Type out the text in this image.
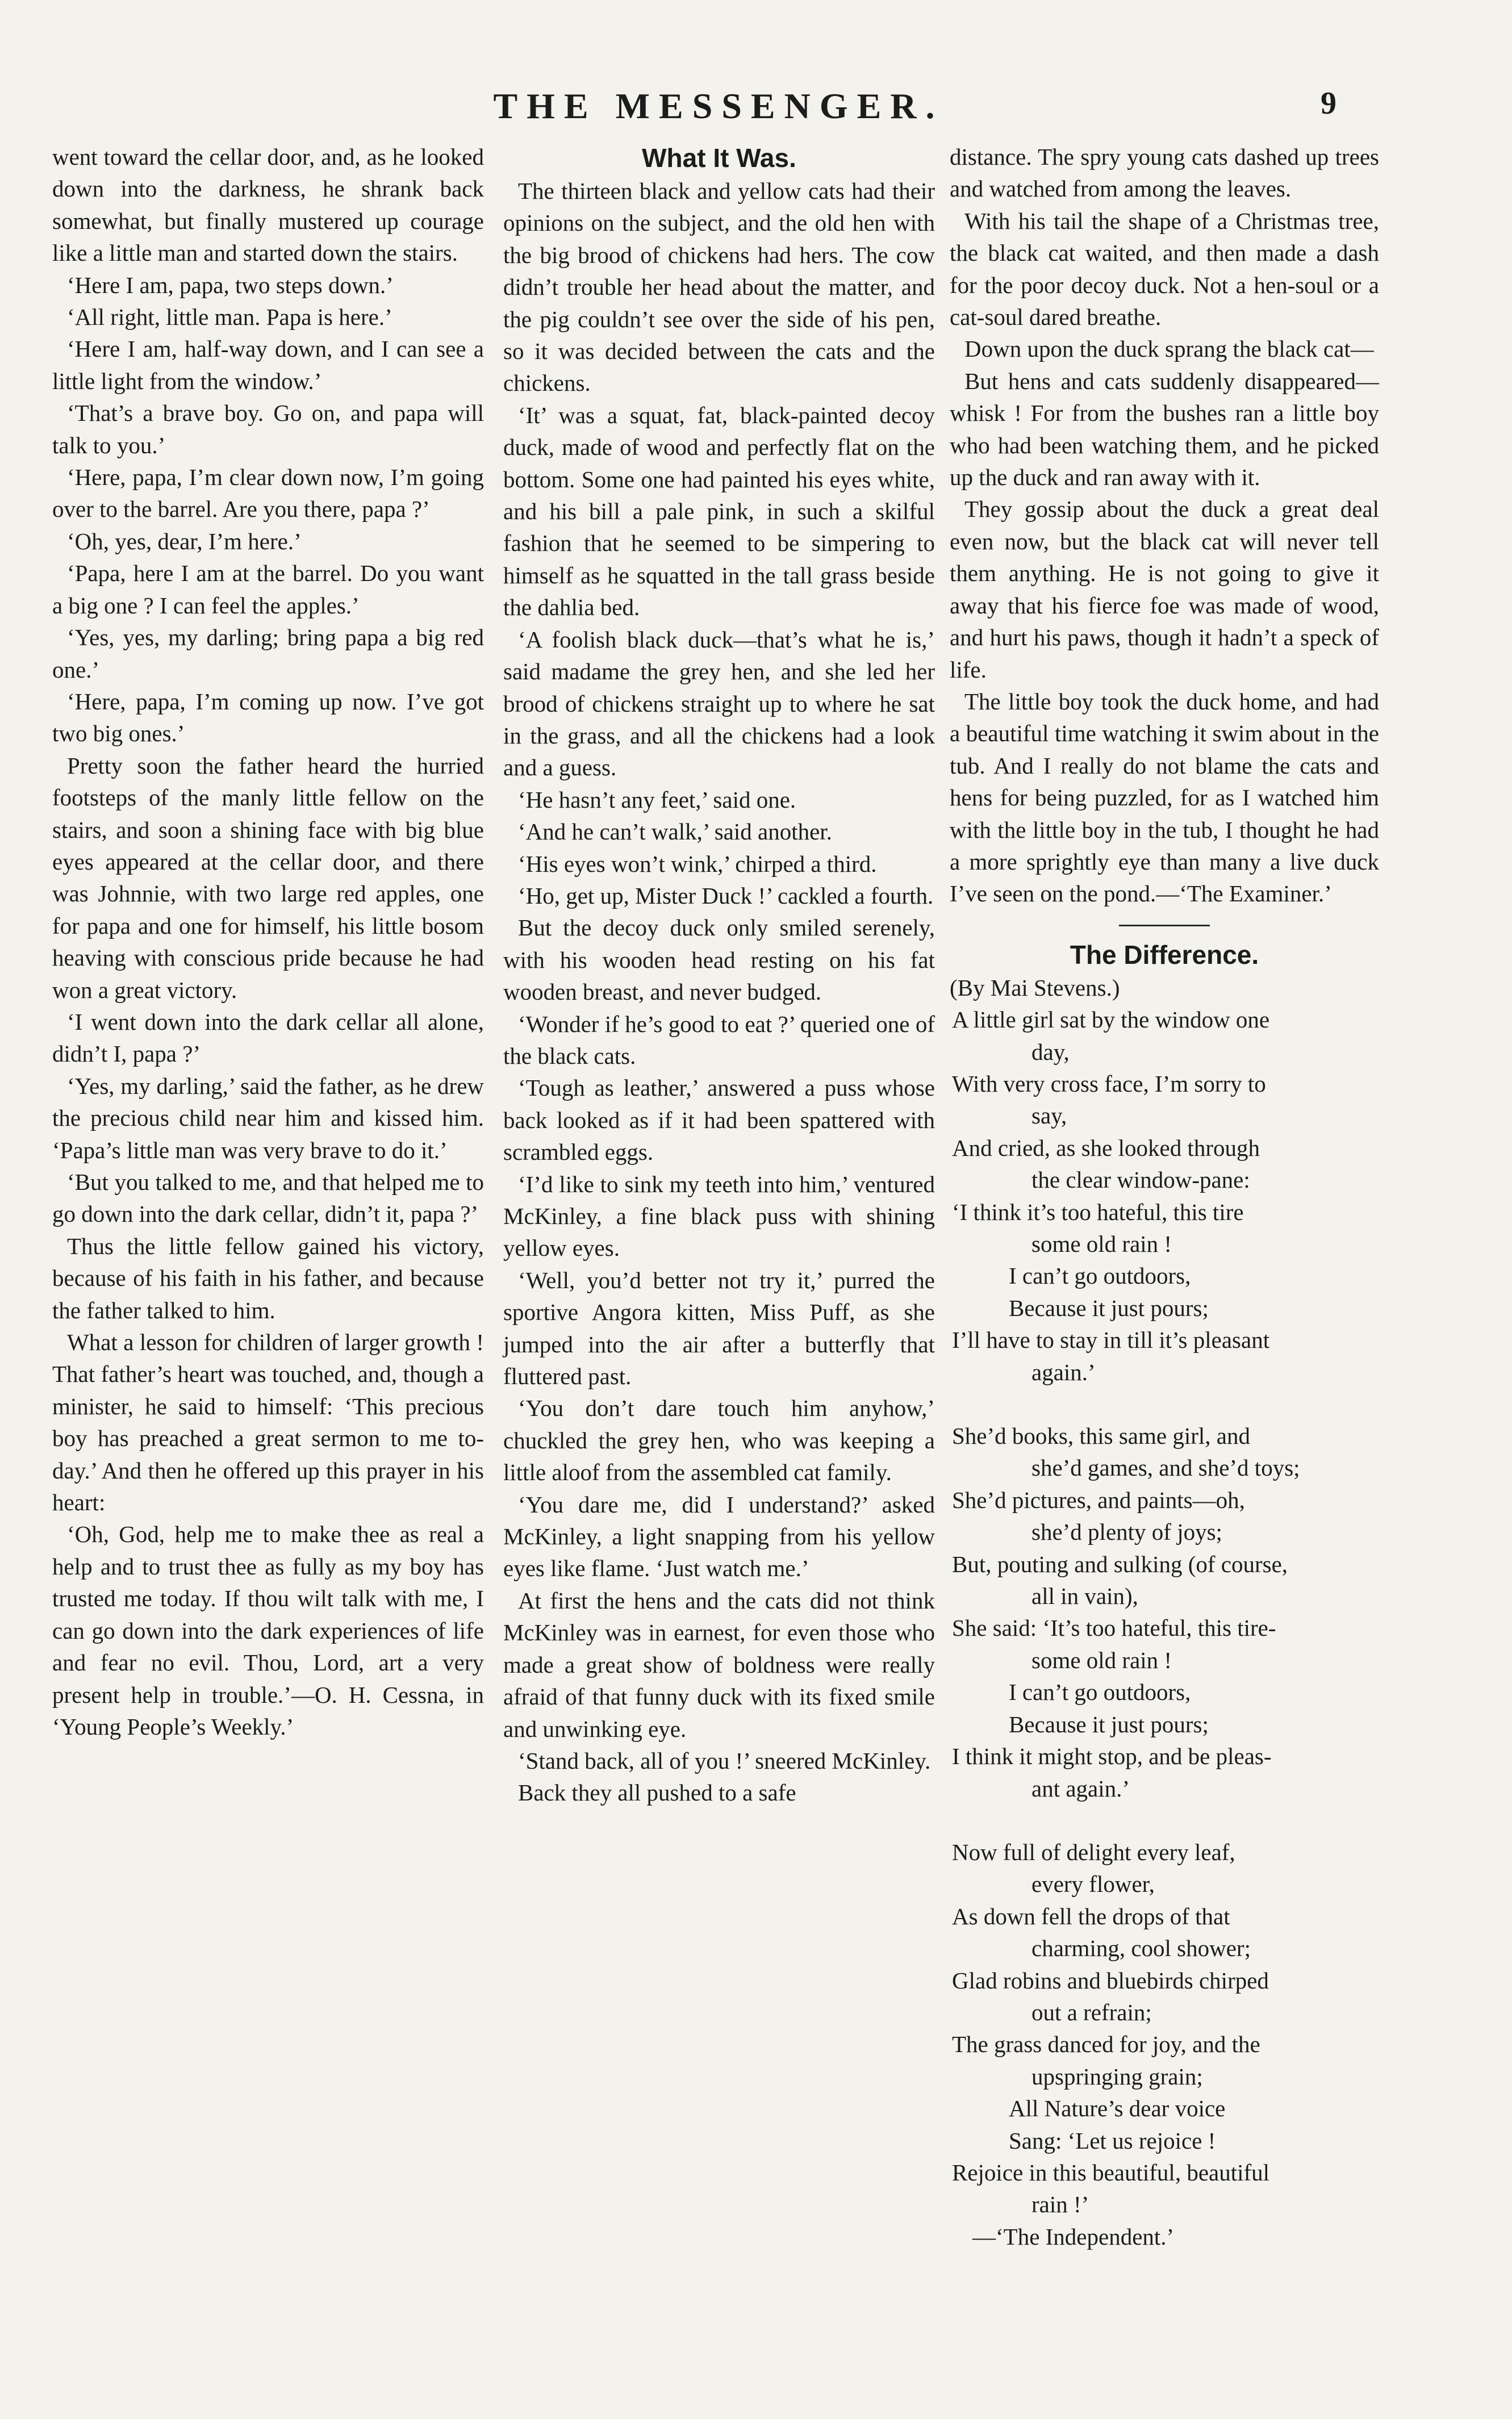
THE MESSENGER.	9

went toward the cellar door, and, as he looked down into the darkness, he shrank back somewhat, but finally mustered up courage like a little man and started down the stairs.

‘Here I am, papa, two steps down.’

‘All right, little man. Papa is here.’

‘Here I am, half-way down, and I can see a little light from the window.’

‘That’s a brave boy. Go on, and papa will talk to you.’

‘Here, papa, I’m clear down now, I’m going over to the barrel. Are you there, papa ?’

‘Oh, yes, dear, I’m here.’

‘Papa, here I am at the barrel. Do you want a big one ? I can feel the apples.’

‘Yes, yes, my darling; bring papa a big red one.’

‘Here, papa, I’m coming up now. I’ve got two big ones.’

Pretty soon the father heard the hurried footsteps of the manly little fellow on the stairs, and soon a shining face with big blue eyes appeared at the cellar door, and there was Johnnie, with two large red apples, one for papa and one for himself, his little bosom heaving with conscious pride because he had won a great victory.

‘I went down into the dark cellar all alone, didn’t I, papa ?’

‘Yes, my darling,’ said the father, as he drew the precious child near him and kissed him. ‘Papa’s little man was very brave to do it.’

‘But you talked to me, and that helped me to go down into the dark cellar, didn’t it, papa ?’

Thus the little fellow gained his victory, because of his faith in his father, and because the father talked to him.

What a lesson for children of larger growth ! That father’s heart was touched, and, though a minister, he said to himself: ‘This precious boy has preached a great sermon to me to-day.’ And then he offered up this prayer in his heart:

‘Oh, God, help me to make thee as real a help and to trust thee as fully as my boy has trusted me today. If thou wilt talk with me, I can go down into the dark experiences of life and fear no evil. Thou, Lord, art a very present help in trouble.’—O. H. Cessna, in ‘Young People’s Weekly.’

What It Was.

The thirteen black and yellow cats had their opinions on the subject, and the old hen with the big brood of chickens had hers. The cow didn’t trouble her head about the matter, and the pig couldn’t see over the side of his pen, so it was decided between the cats and the chickens.

‘It’ was a squat, fat, black-painted decoy duck, made of wood and perfectly flat on the bottom. Some one had painted his eyes white, and his bill a pale pink, in such a skilful fashion that he seemed to be simpering to himself as he squatted in the tall grass beside the dahlia bed.

‘A foolish black duck—that’s what he is,’ said madame the grey hen, and she led her brood of chickens straight up to where he sat in the grass, and all the chickens had a look and a guess.

‘He hasn’t any feet,’ said one.

‘And he can’t walk,’ said another.

‘His eyes won’t wink,’ chirped a third.

‘Ho, get up, Mister Duck !’ cackled a fourth.

But the decoy duck only smiled serenely, with his wooden head resting on his fat wooden breast, and never budged.

‘Wonder if he’s good to eat ?’ queried one of the black cats.

‘Tough as leather,’ answered a puss whose back looked as if it had been spattered with scrambled eggs.

‘I’d like to sink my teeth into him,’ ventured McKinley, a fine black puss with shining yellow eyes.

‘Well, you’d better not try it,’ purred the sportive Angora kitten, Miss Puff, as she jumped into the air after a butterfly that fluttered past.

‘You don’t dare touch him anyhow,’ chuckled the grey hen, who was keeping a little aloof from the assembled cat family.

‘You dare me, did I understand?’ asked McKinley, a light snapping from his yellow eyes like flame. ‘Just watch me.’

At first the hens and the cats did not think McKinley was in earnest, for even those who made a great show of boldness were really afraid of that funny duck with its fixed smile and unwinking eye.

‘Stand back, all of you !’ sneered McKinley.

Back they all pushed to a safe

distance. The spry young cats dashed up trees and watched from among the leaves.

With his tail the shape of a Christmas tree, the black cat waited, and then made a dash for the poor decoy duck. Not a hen-soul or a cat-soul dared breathe.

Down upon the duck sprang the black cat—

But hens and cats suddenly disappeared—whisk ! For from the bushes ran a little boy who had been watching them, and he picked up the duck and ran away with it.

They gossip about the duck a great deal even now, but the black cat will never tell them anything. He is not going to give it away that his fierce foe was made of wood, and hurt his paws, though it hadn’t a speck of life.

The little boy took the duck home, and had a beautiful time watching it swim about in the tub. And I really do not blame the cats and hens for being puzzled, for as I watched him with the little boy in the tub, I thought he had a more sprightly eye than many a live duck I’ve seen on the pond.—‘The Examiner.’

The Difference.

(By Mai Stevens.)

A little girl sat by the window one
day,
With very cross face, I’m sorry to
say,
And cried, as she looked through
the clear window-pane:
‘I think it’s too hateful, this tire
some old rain !
I can’t go outdoors,
Because it just pours;
I’ll have to stay in till it’s pleasant
again.’
She’d books, this same girl, and
she’d games, and she’d toys;
She’d pictures, and paints—oh,
she’d plenty of joys;
But, pouting and sulking (of course,
all in vain),
She said: ‘It’s too hateful, this tire-
some old rain !
I can’t go outdoors,
Because it just pours;
I think it might stop, and be pleas-
ant again.’
Now full of delight every leaf,
every flower,
As down fell the drops of that
charming, cool shower;
Glad robins and bluebirds chirped
out a refrain;
The grass danced for joy, and the
upspringing grain;
All Nature’s dear voice
Sang: ‘Let us rejoice !
Rejoice in this beautiful, beautiful
rain !’

—‘The Independent.’
